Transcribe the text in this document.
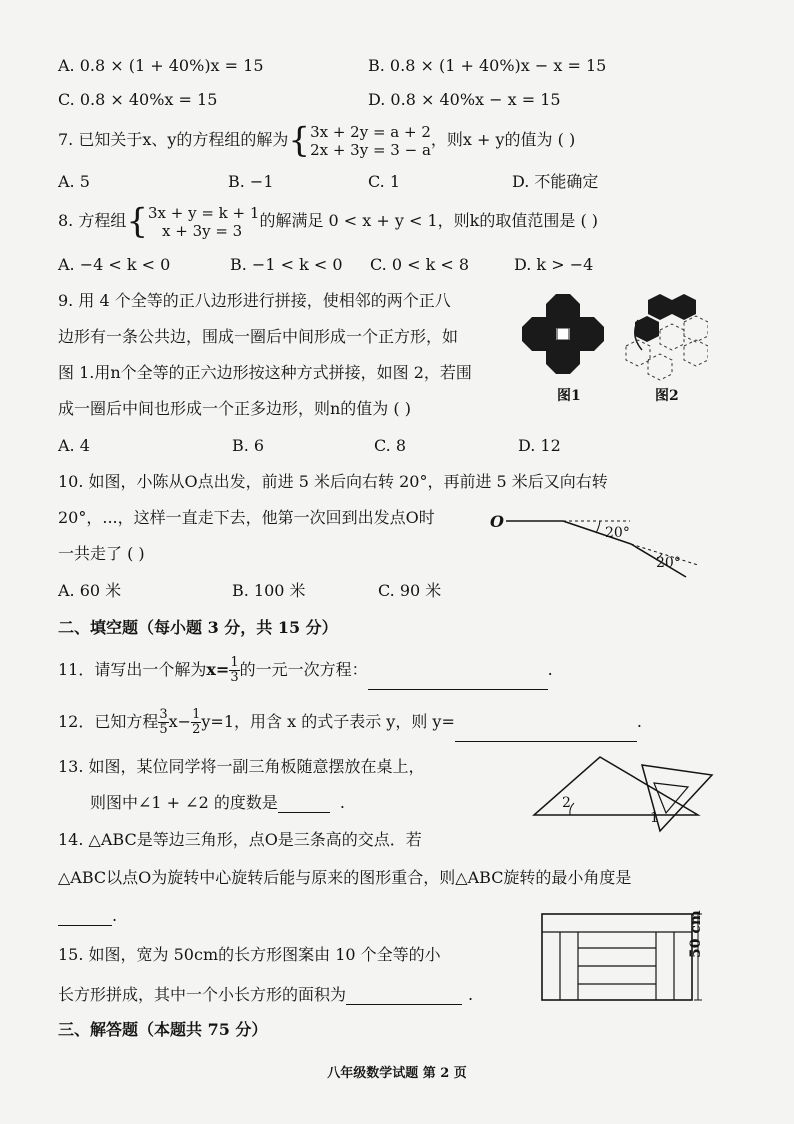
A. 0.8 × (1 + 40%)x = 15	B. 0.8 × (1 + 40%)x − x = 15
C. 0.8 × 40%x = 15	D. 0.8 × 40%x − x = 15
7. 已知关于x、y的方程组的解为{ 3x + 2y = a + 2
2x + 3y = 3 − a
，则x + y的值为 ( )
A. 5	B. −1	C. 1	D. 不能确定
8. 方程组{ 3x + y = k + 1
x + 3y = 3
的解满足 0 < x + y < 1，则k的取值范围是 ( )
A. −4 < k < 0	B. −1 < k < 0 C. 0 < k < 8	D. k > −4
9. 用 4 个全等的正八边形进行拼接，使相邻的两个正八
边形有一条公共边，围成一圈后中间形成一个正方形，如
图 1.用n个全等的正六边形按这种方式拼接，如图 2，若围
成一圈后中间也形成一个正多边形，则n的值为 ( )
图1	图2
A. 4	B. 6	C. 8	D. 12
10. 如图，小陈从O点出发，前进 5 米后向右转 20°，再前进 5 米后又向右转
20°，...，这样一直走下去，他第一次回到出发点O时
一共走了 ( )
O
20°
20°
A. 60 米	B. 100 米	C. 90 米
二、填空题（每小题 3 分，共 15 分）
11．请写出一个解为$x= \frac{1}{3}$ 的一元一次方程：	.
12．已知方程 $\frac{3}{5} x- \frac{1}{2} y=1$，用含 x 的式子表示 y，则 y=	.
13. 如图，某位同学将一副三角板随意摆放在桌上，
则图中∠1 + ∠2 的度数是	.	2
1
14. △ABC是等边三角形，点O是三条高的交点．若
△ABC以点O为旋转中心旋转后能与原来的图形重合，则△ABC旋转的最小角度是
.
15. 如图，宽为 50cm的长方形图案由 10 个全等的小
长方形拼成，其中一个小长方形的面积为	.
50 cm
三、解答题（本题共 75 分）
八年级数学试题 第 2 页
